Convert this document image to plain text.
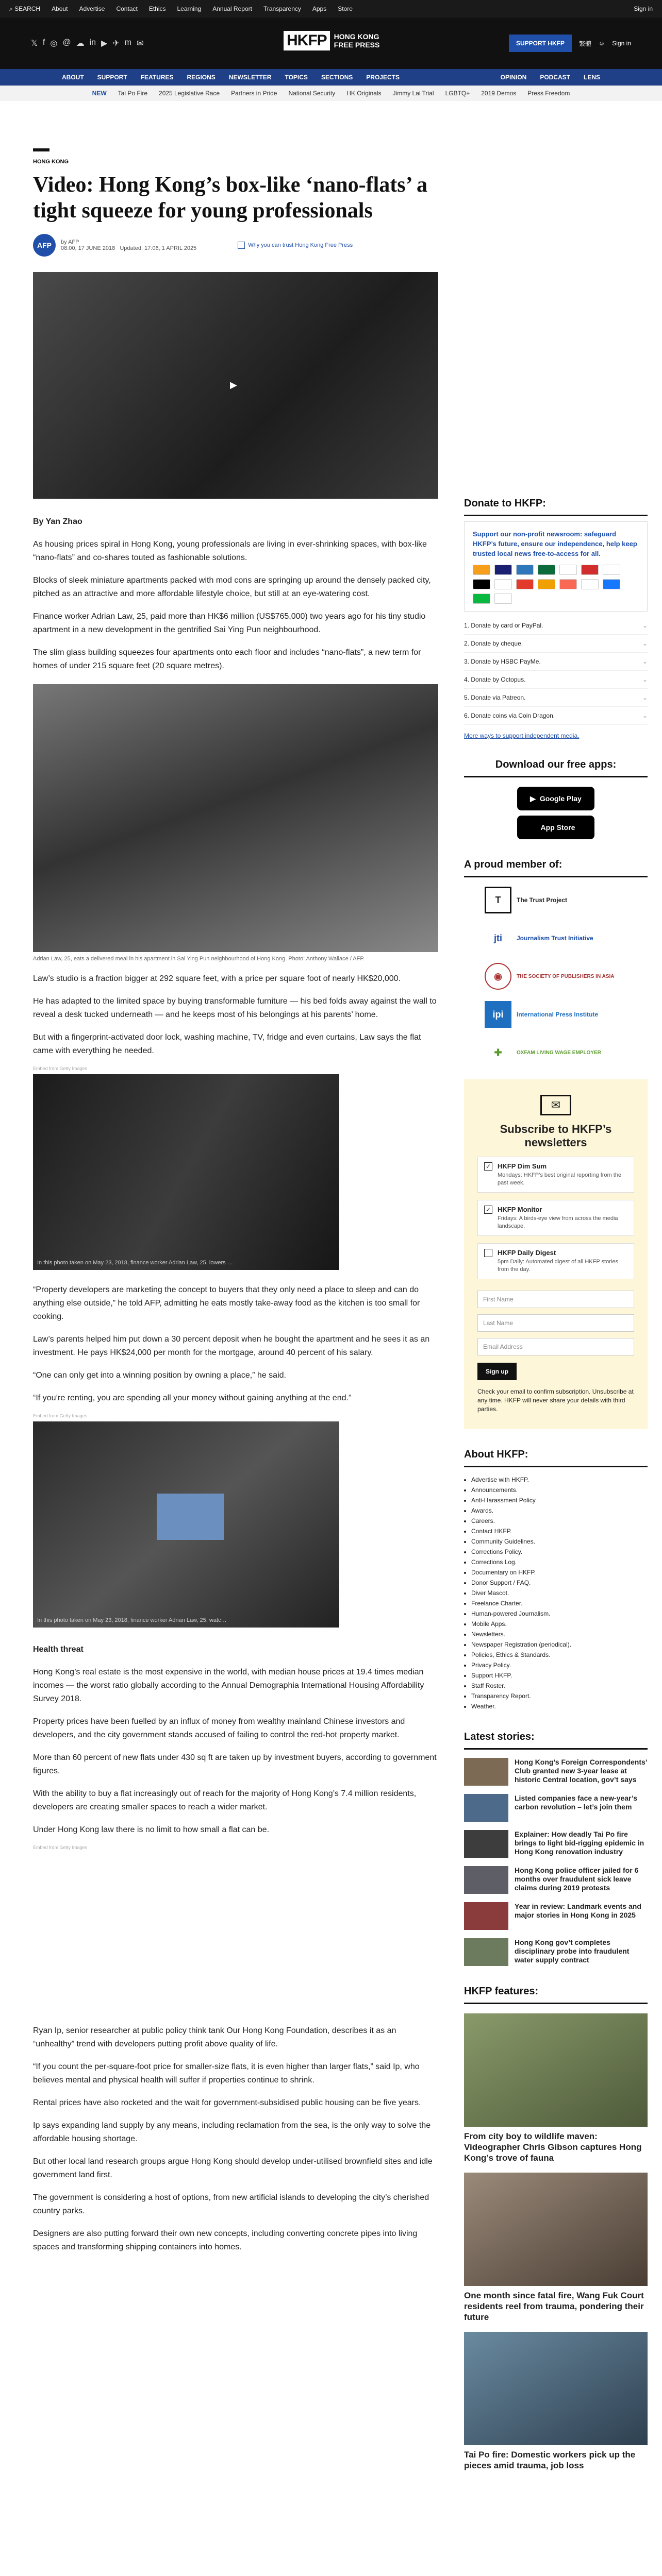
⌕ SEARCH About Advertise Contact Ethics Learning Annual Report Transparency Apps Store	Sign in
𝕏 f ◎ @ ☁ in ▶ ✈ m ✉	HKFP	HONG KONG
FREE PRESS	SUPPORT HKFP	繁體 ☺ Sign in
ABOUT SUPPORT FEATURES REGIONS NEWSLETTER TOPICS SECTIONS PROJECTS	OPINION PODCAST LENS
NEW Tai Po Fire 2025 Legislative Race Partners in Pride National Security HK Originals Jimmy Lai Trial LGBTQ+ 2019 Demos Press Freedom
HONG KONG
Video: Hong Kong’s box-like ‘nano-flats’ a tight squeeze for young professionals
AFP	by AFP
08:00, 17 JUNE 2018 Updated: 17:06, 1 APRIL 2025	Why you can trust Hong Kong Free Press
▶

By Yan Zhao

As housing prices spiral in Hong Kong, young professionals are living in ever-shrinking spaces, with box-like “nano-flats” and co-shares touted as fashionable solutions.

Blocks of sleek miniature apartments packed with mod cons are springing up around the densely packed city, pitched as an attractive and more affordable lifestyle choice, but still at an eye-watering cost.

Finance worker Adrian Law, 25, paid more than HK$6 million (US$765,000) two years ago for his tiny studio apartment in a new development in the gentrified Sai Ying Pun neighbourhood.

The slim glass building squeezes four apartments onto each floor and includes “nano-flats”, a new term for homes of under 215 square feet (20 square metres).

Adrian Law, 25, eats a delivered meal in his apartment in Sai Ying Pun neighbourhood of Hong Kong. Photo: Anthony Wallace / AFP.

Law’s studio is a fraction bigger at 292 square feet, with a price per square foot of nearly HK$20,000.

He has adapted to the limited space by buying transformable furniture — his bed folds away against the wall to reveal a desk tucked underneath — and he keeps most of his belongings at his parents’ home.

But with a fingerprint-activated door lock, washing machine, TV, fridge and even curtains, Law says the flat came with everything he needed.

Embed from Getty Images
In this photo taken on May 23, 2018, finance worker Adrian Law, 25, lowers …

“Property developers are marketing the concept to buyers that they only need a place to sleep and can do anything else outside,” he told AFP, admitting he eats mostly take-away food as the kitchen is too small for cooking.

Law’s parents helped him put down a 30 percent deposit when he bought the apartment and he sees it as an investment. He pays HK$24,000 per month for the mortgage, around 40 percent of his salary.

“One can only get into a winning position by owning a place,” he said.

“If you’re renting, you are spending all your money without gaining anything at the end.”

Embed from Getty Images
In this photo taken on May 23, 2018, finance worker Adrian Law, 25, watc…

Health threat

Hong Kong’s real estate is the most expensive in the world, with median house prices at 19.4 times median incomes — the worst ratio globally according to the Annual Demographia International Housing Affordability Survey 2018.

Property prices have been fuelled by an influx of money from wealthy mainland Chinese investors and developers, and the city government stands accused of failing to control the red-hot property market.

More than 60 percent of new flats under 430 sq ft are taken up by investment buyers, according to government figures.

With the ability to buy a flat increasingly out of reach for the majority of Hong Kong’s 7.4 million residents, developers are creating smaller spaces to reach a wider market.

Under Hong Kong law there is no limit to how small a flat can be.

Embed from Getty Images

Ryan Ip, senior researcher at public policy think tank Our Hong Kong Foundation, describes it as an “unhealthy” trend with developers putting profit above quality of life.

“If you count the per-square-foot price for smaller-size flats, it is even higher than larger flats,” said Ip, who believes mental and physical health will suffer if properties continue to shrink.

Rental prices have also rocketed and the wait for government-subsidised public housing can be five years.

Ip says expanding land supply by any means, including reclamation from the sea, is the only way to solve the affordable housing shortage.

But other local land research groups argue Hong Kong should develop under-utilised brownfield sites and idle government land first.

The government is considering a host of options, from new artificial islands to developing the city’s cherished country parks.

Designers are also putting forward their own new concepts, including converting concrete pipes into living spaces and transforming shipping containers into homes.

Donate to HKFP:
Support our non-profit newsroom: safeguard HKFP’s future, ensure our independence, help keep trusted local news free-to-access for all.
1. Donate by card or PayPal.	⌄
2. Donate by cheque.	⌄
3. Donate by HSBC PayMe.	⌄
4. Donate by Octopus.	⌄
5. Donate via Patreon.	⌄
6. Donate coins via Coin Dragon.	⌄
More ways to support independent media.
Download our free apps:
▶ Google Play
App Store
A proud member of:
T	The Trust Project
jti	Journalism Trust Initiative
◉	THE SOCIETY OF PUBLISHERS IN ASIA
ipi	International Press Institute
✚	OXFAM LIVING WAGE EMPLOYER
✉
Subscribe to HKFP’s newsletters
✓ HKFP Dim Sum
Mondays: HKFP’s best original reporting from the past week.
✓ HKFP Monitor
Fridays: A birds-eye view from across the media landscape.
HKFP Daily Digest
5pm Daily: Automated digest of all HKFP stories from the day.
First Name
Last Name
Email Address
Sign up
Check your email to confirm subscription. Unsubscribe at any time. HKFP will never share your details with third parties.
About HKFP:
• Advertise with HKFP.
• Announcements.
• Anti-Harassment Policy.
• Awards.
• Careers.
• Contact HKFP.
• Community Guidelines.
• Corrections Policy.
• Corrections Log.
• Documentary on HKFP.
• Donor Support / FAQ.
• Diver Mascot.
• Freelance Charter.
• Human-powered Journalism.
• Mobile Apps.
• Newsletters.
• Newspaper Registration (periodical).
• Policies, Ethics & Standards.
• Privacy Policy.
• Support HKFP.
• Staff Roster.
• Transparency Report.
• Weather.
Latest stories:
Hong Kong’s Foreign Correspondents’ Club granted new 3-year lease at historic Central location, gov’t says
Listed companies face a new-year’s carbon revolution – let’s join them
Explainer: How deadly Tai Po fire brings to light bid-rigging epidemic in Hong Kong renovation industry
Hong Kong police officer jailed for 6 months over fraudulent sick leave claims during 2019 protests
Year in review: Landmark events and major stories in Hong Kong in 2025
Hong Kong gov’t completes disciplinary probe into fraudulent water supply contract
HKFP features:
From city boy to wildlife maven: Videographer Chris Gibson captures Hong Kong’s trove of fauna
One month since fatal fire, Wang Fuk Court residents reel from trauma, pondering their future
Tai Po fire: Domestic workers pick up the pieces amid trauma, job loss
